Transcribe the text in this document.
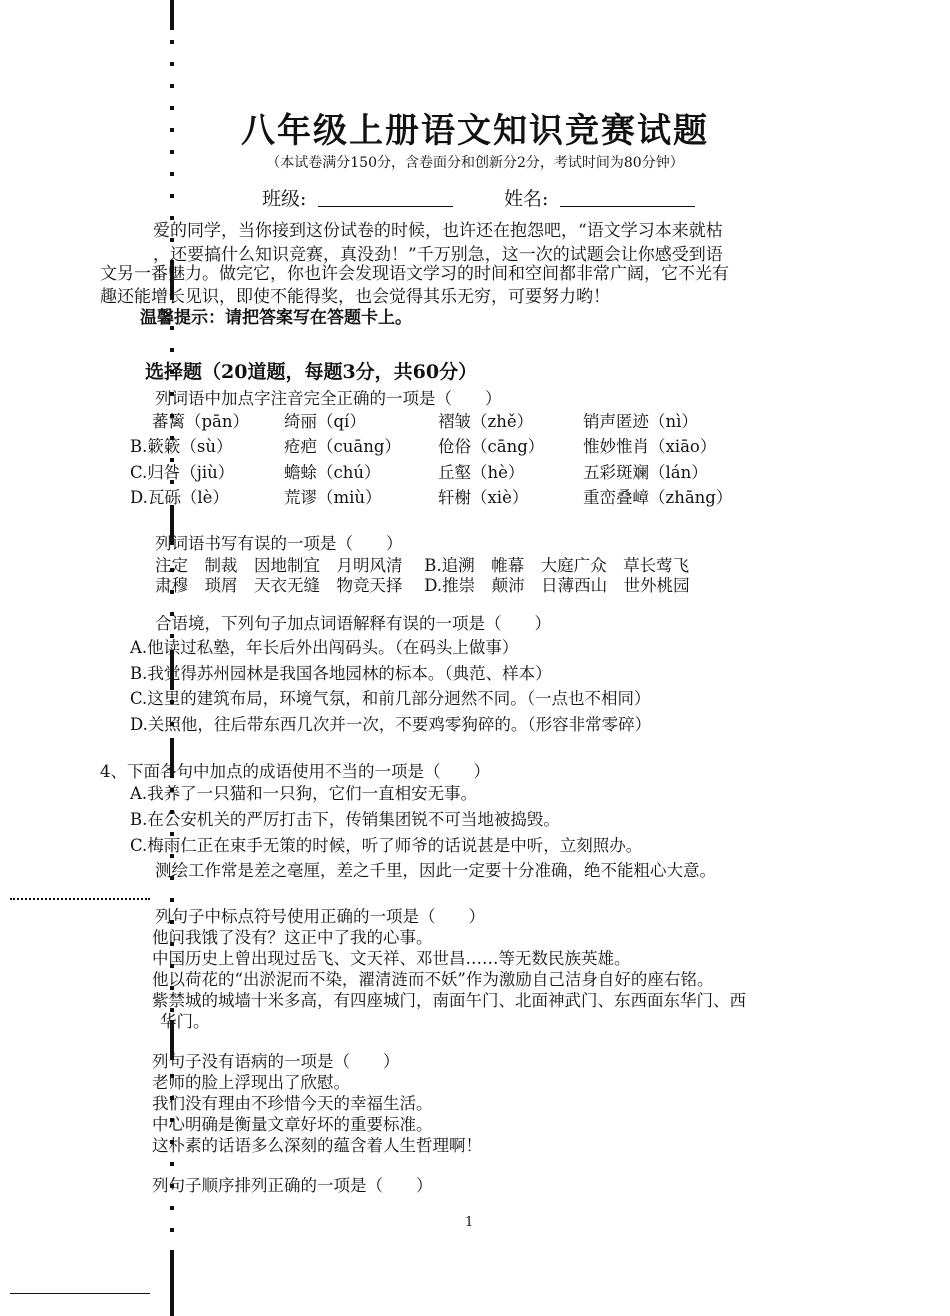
八年级上册语文知识竞赛试题
（本试卷满分150分，含卷面分和创新分2分，考试时间为80分钟）
班级:	姓名:
爱的同学，当你接到这份试卷的时候，也许还在抱怨吧，“语文学习本来就枯
，还要搞什么知识竞赛，真没劲！”千万别急，这一次的试题会让你感受到语
文另一番魅力。做完它，你也许会发现语文学习的时间和空间都非常广阔，它不光有
趣还能增长见识，即使不能得奖，也会觉得其乐无穷，可要努力哟！
温馨提示：请把答案写在答题卡上。
选择题（20道题，每题3分，共60分）
列词语中加点字注音完全正确的一项是（　　）
蕃篱（pān） 绮丽（qí）	褶皱（zhě）	销声匿迹（nì）
B.簌簌（sù）	疮疤（cuāng） 伧俗（cāng） 惟妙惟肖（xiāo）
C.归咎（jiù）	蟾蜍（chú）	丘壑（hè）	五彩斑斓（lán）
D.瓦砾（lè）	荒谬（miù）	轩榭（xiè）	重峦叠嶂（zhāng）
列词语书写有误的一项是（　　）
注定　制裁　因地制宜　月明风清　 B.追溯　帷幕　大庭广众　草长莺飞
肃穆　琐屑　天衣无缝　物竞天择　 D.推崇　颠沛　日薄西山　世外桃园
合语境，下列句子加点词语解释有误的一项是（　　）
A.他读过私塾，年长后外出闯码头。（在码头上做事）
B.我觉得苏州园林是我国各地园林的标本。（典范、样本）
C.这里的建筑布局，环境气氛，和前几部分迥然不同。（一点也不相同）
D.关照他，往后带东西几次并一次，不要鸡零狗碎的。（形容非常零碎）
4、下面各句中加点的成语使用不当的一项是（　　）
A.我养了一只猫和一只狗，它们一直相安无事。
B.在公安机关的严厉打击下，传销集团锐不可当地被捣毁。
C.梅雨仁正在束手无策的时候，听了师爷的话说甚是中听，立刻照办。
测绘工作常是差之毫厘，差之千里，因此一定要十分准确，绝不能粗心大意。
列句子中标点符号使用正确的一项是（　　）
他问我饿了没有？这正中了我的心事。
中国历史上曾出现过岳飞、文天祥、邓世昌……等无数民族英雄。
他以荷花的“出淤泥而不染，濯清涟而不妖”作为激励自己洁身自好的座右铭。
紫禁城的城墙十米多高，有四座城门，南面午门、北面神武门、东西面东华门、西
华门。
列句子没有语病的一项是（　　）
老师的脸上浮现出了欣慰。
我们没有理由不珍惜今天的幸福生活。
中心明确是衡量文章好坏的重要标准。
这朴素的话语多么深刻的蕴含着人生哲理啊！
列句子顺序排列正确的一项是（　　）
1
